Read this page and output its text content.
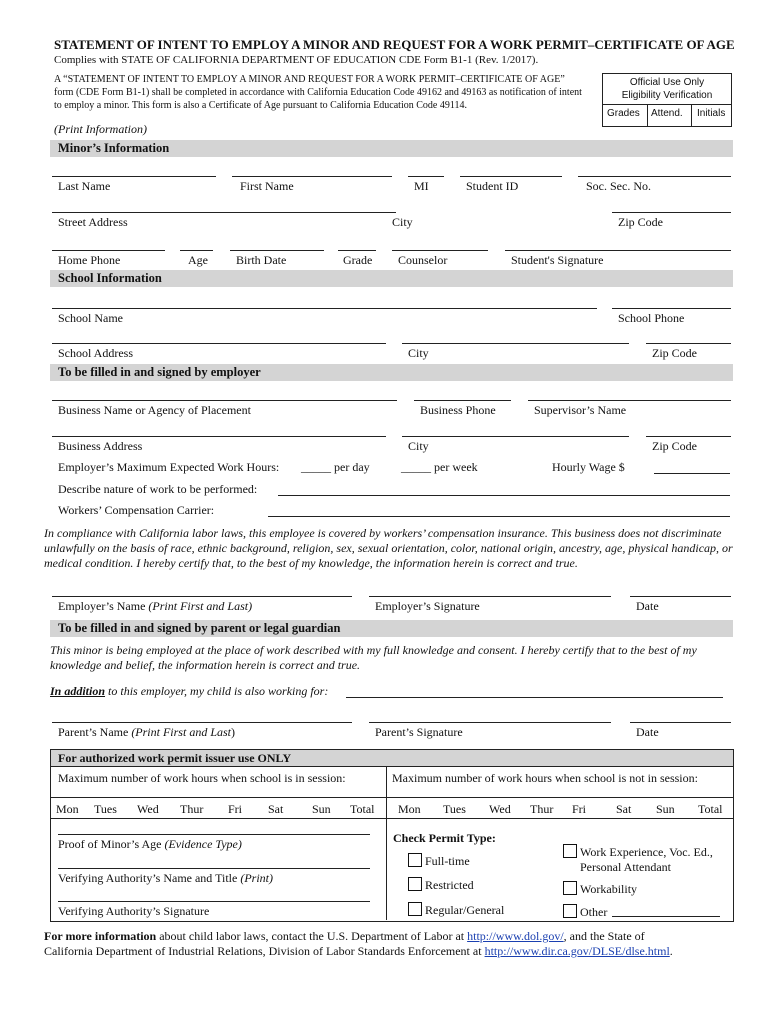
STATEMENT OF INTENT TO EMPLOY A MINOR AND REQUEST FOR A WORK PERMIT–CERTIFICATE OF AGE
Complies with STATE OF CALIFORNIA DEPARTMENT OF EDUCATION CDE Form B1-1 (Rev. 1/2017).
A “STATEMENT OF INTENT TO EMPLOY A MINOR AND REQUEST FOR A WORK PERMIT–CERTIFICATE OF AGE”
form (CDE Form B1-1) shall be completed in accordance with California Education Code 49162 and 49163 as notification of intent
to employ a minor. This form is also a Certificate of Age pursuant to California Education Code 49114.
(Print Information)
Official Use Only
Eligibility Verification
Grades Attend. Initials
Minor’s Information
Last Name	First Name	MI	Student ID	Soc. Sec. No.
Street Address	City	Zip Code
Home Phone	Age Birth Date	Grade Counselor	Student's Signature
School Information
School Name	School Phone
School Address	City	Zip Code
To be filled in and signed by employer
Business Name or Agency of Placement	Business Phone	Supervisor’s Name
Business Address	City	Zip Code
Employer’s Maximum Expected Work Hours: _____ per day	_____ per week	Hourly Wage $
Describe nature of work to be performed:
Workers’ Compensation Carrier:
In compliance with California labor laws, this employee is covered by workers’ compensation insurance. This business does not discriminate unlawfully on the basis of race, ethnic background, religion, sex, sexual orientation, color, national origin, ancestry, age, physical handicap, or medical condition. I hereby certify that, to the best of my knowledge, the information herein is correct and true.
Employer’s Name (Print First and Last)	Employer’s Signature	Date
To be filled in and signed by parent or legal guardian
This minor is being employed at the place of work described with my full knowledge and consent. I hereby certify that to the best of my knowledge and belief, the information herein is correct and true.
In addition to this employer, my child is also working for:
Parent’s Name (Print First and Last)	Parent’s Signature	Date
For authorized work permit issuer use ONLY
Maximum number of work hours when school is in session:	Maximum number of work hours when school is not in session:
Mon Tues Wed Thur Fri Sat Sun Total Mon Tues Wed Thur Fri Sat Sun Total
Proof of Minor’s Age (Evidence Type)
Verifying Authority’s Name and Title (Print)
Verifying Authority’s Signature
Check Permit Type:
Full-time
Restricted
Regular/General
Work Experience, Voc. Ed.,
Personal Attendant
Workability
Other
For more information about child labor laws, contact the U.S. Department of Labor at http://www.dol.gov/, and the State of
California Department of Industrial Relations, Division of Labor Standards Enforcement at http://www.dir.ca.gov/DLSE/dlse.html.
